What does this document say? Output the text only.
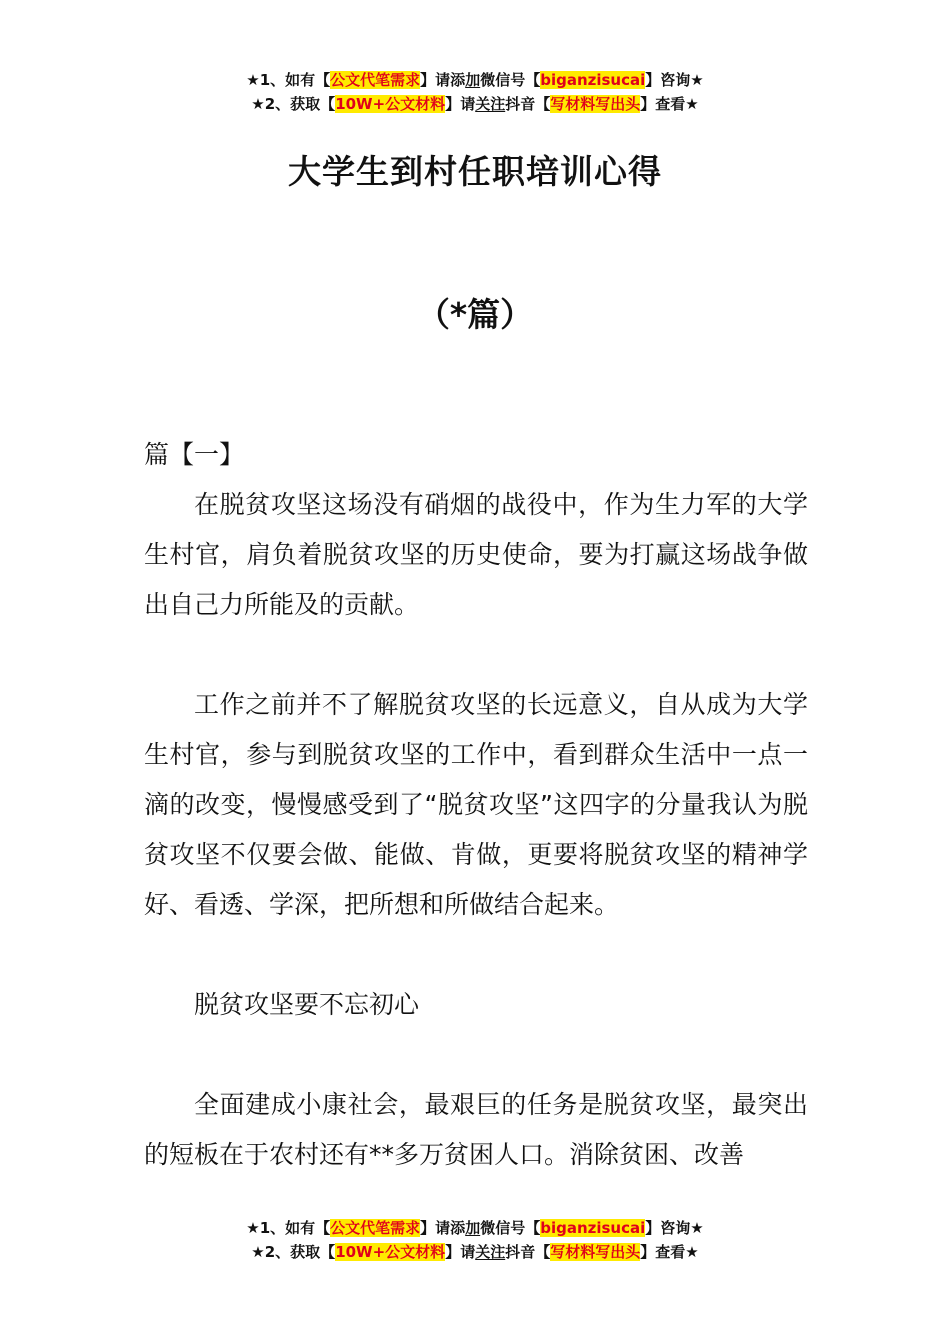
★1、如有【公文代笔需求】请添加微信号【biganzisucai】咨询★
★2、获取【10W+公文材料】请关注抖音【写材料写出头】查看★
大学生到村任职培训心得
（*篇）

篇【一】

在脱贫攻坚这场没有硝烟的战役中，作为生力军的大学生村官，肩负着脱贫攻坚的历史使命，要为打赢这场战争做出自己力所能及的贡献。

工作之前并不了解脱贫攻坚的长远意义，自从成为大学生村官，参与到脱贫攻坚的工作中，看到群众生活中一点一滴的改变，慢慢感受到了“脱贫攻坚”这四字的分量我认为脱贫攻坚不仅要会做、能做、肯做，更要将脱贫攻坚的精神学好、看透、学深，把所想和所做结合起来。

脱贫攻坚要不忘初心

全面建成小康社会，最艰巨的任务是脱贫攻坚，最突出的短板在于农村还有**多万贫困人口。消除贫困、改善

★1、如有【公文代笔需求】请添加微信号【biganzisucai】咨询★
★2、获取【10W+公文材料】请关注抖音【写材料写出头】查看★
